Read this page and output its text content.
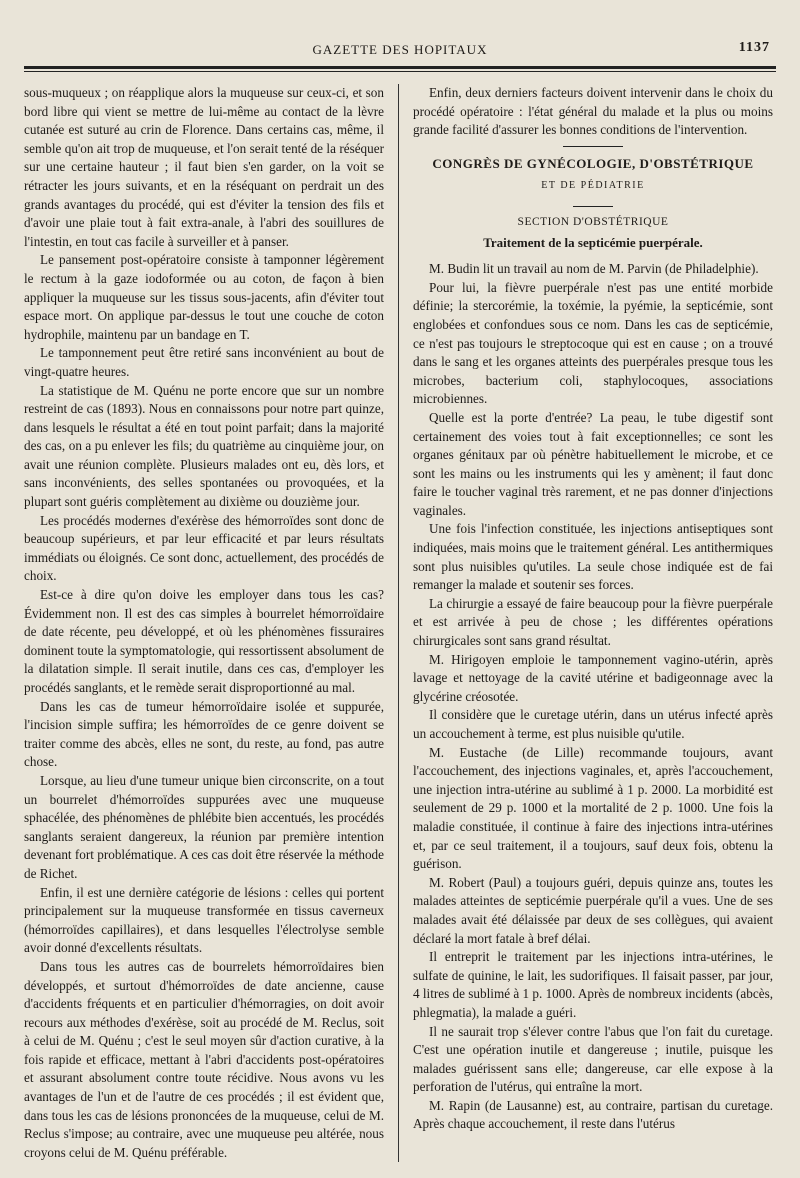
GAZETTE DES HOPITAUX	1137

sous-muqueux ; on réapplique alors la muqueuse sur ceux-ci, et son bord libre qui vient se mettre de lui-même au contact de la lèvre cutanée est suturé au crin de Florence. Dans certains cas, même, il semble qu'on ait trop de muqueuse, et l'on serait tenté de la réséquer sur une certaine hauteur ; il faut bien s'en garder, on la voit se rétracter les jours suivants, et en la réséquant on perdrait un des grands avantages du procédé, qui est d'éviter la tension des fils et d'avoir une plaie tout à fait extra-anale, à l'abri des souillures de l'intestin, en tout cas facile à surveiller et à panser.

Le pansement post-opératoire consiste à tamponner légèrement le rectum à la gaze iodoformée ou au coton, de façon à bien appliquer la muqueuse sur les tissus sous-jacents, afin d'éviter tout espace mort. On applique par-dessus le tout une couche de coton hydrophile, maintenu par un bandage en T.

Le tamponnement peut être retiré sans inconvénient au bout de vingt-quatre heures.

La statistique de M. Quénu ne porte encore que sur un nombre restreint de cas (1893). Nous en connaissons pour notre part quinze, dans lesquels le résultat a été en tout point parfait; dans la majorité des cas, on a pu enlever les fils; du quatrième au cinquième jour, on avait une réunion complète. Plusieurs malades ont eu, dès lors, et sans inconvénients, des selles spontanées ou provoquées, et la plupart sont guéris complètement au dixième ou douzième jour.

Les procédés modernes d'exérèse des hémorroïdes sont donc de beaucoup supérieurs, et par leur efficacité et par leurs résultats immédiats ou éloignés. Ce sont donc, actuellement, des procédés de choix.

Est-ce à dire qu'on doive les employer dans tous les cas? Évidemment non. Il est des cas simples à bourrelet hémorroïdaire de date récente, peu développé, et où les phénomènes fissuraires dominent toute la symptomatologie, qui ressortissent absolument de la dilatation simple. Il serait inutile, dans ces cas, d'employer les procédés sanglants, et le remède serait disproportionné au mal.

Dans les cas de tumeur hémorroïdaire isolée et suppurée, l'incision simple suffira; les hémorroïdes de ce genre doivent se traiter comme des abcès, elles ne sont, du reste, au fond, pas autre chose.

Lorsque, au lieu d'une tumeur unique bien circonscrite, on a tout un bourrelet d'hémorroïdes suppurées avec une muqueuse sphacélée, des phénomènes de phlébite bien accentués, les procédés sanglants seraient dangereux, la réunion par première intention devenant fort problématique. A ces cas doit être réservée la méthode de Richet.

Enfin, il est une dernière catégorie de lésions : celles qui portent principalement sur la muqueuse transformée en tissus caverneux (hémorroïdes capillaires), et dans lesquelles l'électrolyse semble avoir donné d'excellents résultats.

Dans tous les autres cas de bourrelets hémorroïdaires bien développés, et surtout d'hémorroïdes de date ancienne, cause d'accidents fréquents et en particulier d'hémorragies, on doit avoir recours aux méthodes d'exérèse, soit au procédé de M. Reclus, soit à celui de M. Quénu ; c'est le seul moyen sûr d'action curative, à la fois rapide et efficace, mettant à l'abri d'accidents post-opératoires et assurant absolument contre toute récidive. Nous avons vu les avantages de l'un et de l'autre de ces procédés ; il est évident que, dans tous les cas de lésions prononcées de la muqueuse, celui de M. Reclus s'impose; au contraire, avec une muqueuse peu altérée, nous croyons celui de M. Quénu préférable.

Enfin, deux derniers facteurs doivent intervenir dans le choix du procédé opératoire : l'état général du malade et la plus ou moins grande facilité d'assurer les bonnes conditions de l'intervention.

CONGRÈS DE GYNÉCOLOGIE, D'OBSTÉTRIQUE
ET DE PÉDIATRIE
SECTION D'OBSTÉTRIQUE
Traitement de la septicémie puerpérale.

M. Budin lit un travail au nom de M. Parvin (de Philadelphie).

Pour lui, la fièvre puerpérale n'est pas une entité morbide définie; la stercorémie, la toxémie, la pyémie, la septicémie, sont englobées et confondues sous ce nom. Dans les cas de septicémie, ce n'est pas toujours le streptocoque qui est en cause ; on a trouvé dans le sang et les organes atteints des puerpérales presque tous les microbes, bacterium coli, staphylocoques, associations microbiennes.

Quelle est la porte d'entrée? La peau, le tube digestif sont certainement des voies tout à fait exceptionnelles; ce sont les organes génitaux par où pénètre habituellement le microbe, et ce sont les mains ou les instruments qui les y amènent; il faut donc faire le toucher vaginal très rarement, et ne pas donner d'injections vaginales.

Une fois l'infection constituée, les injections antiseptiques sont indiquées, mais moins que le traitement général. Les antithermiques sont plus nuisibles qu'utiles. La seule chose indiquée est de fai remanger la malade et soutenir ses forces.

La chirurgie a essayé de faire beaucoup pour la fièvre puerpérale et est arrivée à peu de chose ; les différentes opérations chirurgicales sont sans grand résultat.

M. Hirigoyen emploie le tamponnement vagino-utérin, après lavage et nettoyage de la cavité utérine et badigeonnage avec la glycérine créosotée.

Il considère que le curetage utérin, dans un utérus infecté après un accouchement à terme, est plus nuisible qu'utile.

M. Eustache (de Lille) recommande toujours, avant l'accouchement, des injections vaginales, et, après l'accouchement, une injection intra-utérine au sublimé à 1 p. 2000. La morbidité est seulement de 29 p. 1000 et la mortalité de 2 p. 1000. Une fois la maladie constituée, il continue à faire des injections intra-utérines et, par ce seul traitement, il a toujours, sauf deux fois, obtenu la guérison.

M. Robert (Paul) a toujours guéri, depuis quinze ans, toutes les malades atteintes de septicémie puerpérale qu'il a vues. Une de ses malades avait été délaissée par deux de ses collègues, qui avaient déclaré la mort fatale à bref délai.

Il entreprit le traitement par les injections intra-utérines, le sulfate de quinine, le lait, les sudorifiques. Il faisait passer, par jour, 4 litres de sublimé à 1 p. 1000. Après de nombreux incidents (abcès, phlegmatia), la malade a guéri.

Il ne saurait trop s'élever contre l'abus que l'on fait du curetage. C'est une opération inutile et dangereuse ; inutile, puisque les malades guérissent sans elle; dangereuse, car elle expose à la perforation de l'utérus, qui entraîne la mort.

M. Rapin (de Lausanne) est, au contraire, partisan du curetage. Après chaque accouchement, il reste dans l'utérus
